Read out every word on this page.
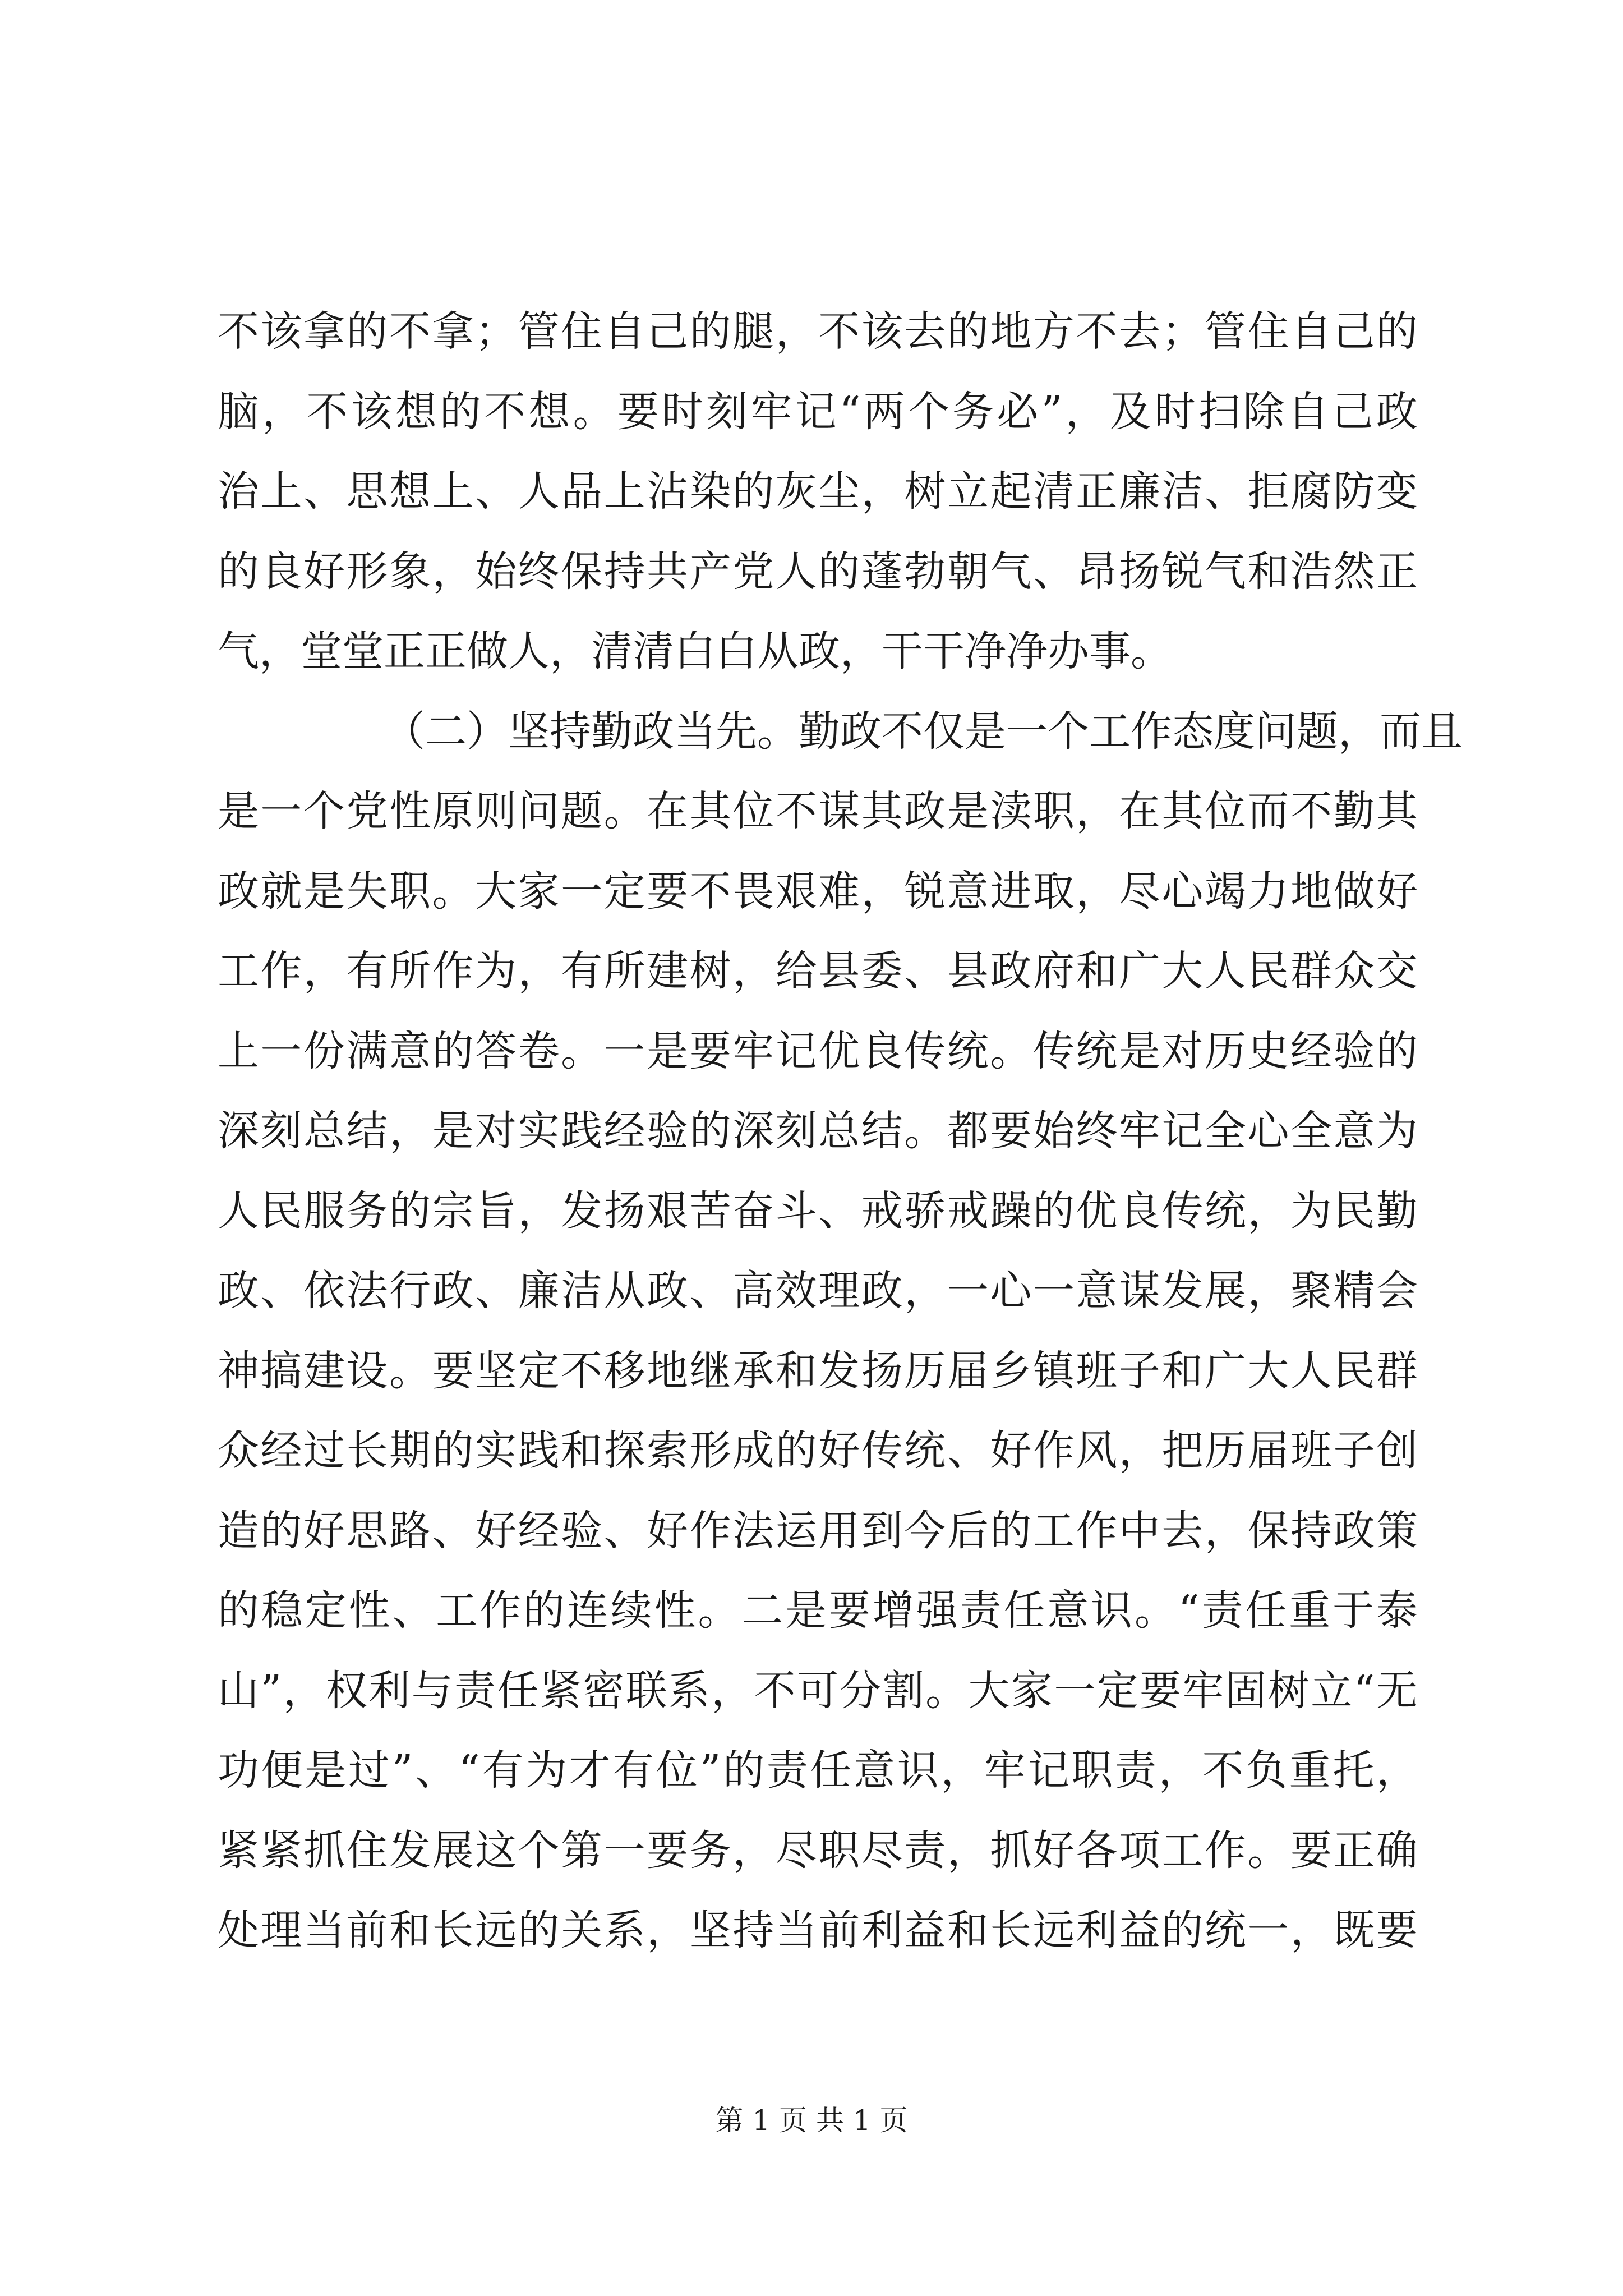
不该拿的不拿；管住自己的腿，不该去的地方不去；管住自己的
脑，不该想的不想。要时刻牢记“两个务必”，及时扫除自己政
治上、思想上、人品上沾染的灰尘，树立起清正廉洁、拒腐防变
的良好形象，始终保持共产党人的蓬勃朝气、昂扬锐气和浩然正
气，堂堂正正做人，清清白白从政，干干净净办事。
（二）坚持勤政当先。勤政不仅是一个工作态度问题，而且
是一个党性原则问题。在其位不谋其政是渎职，在其位而不勤其
政就是失职。大家一定要不畏艰难，锐意进取，尽心竭力地做好
工作，有所作为，有所建树，给县委、县政府和广大人民群众交
上一份满意的答卷。一是要牢记优良传统。传统是对历史经验的
深刻总结，是对实践经验的深刻总结。都要始终牢记全心全意为
人民服务的宗旨，发扬艰苦奋斗、戒骄戒躁的优良传统，为民勤
政、依法行政、廉洁从政、高效理政，一心一意谋发展，聚精会
神搞建设。要坚定不移地继承和发扬历届乡镇班子和广大人民群
众经过长期的实践和探索形成的好传统、好作风，把历届班子创
造的好思路、好经验、好作法运用到今后的工作中去，保持政策
的稳定性、工作的连续性。二是要增强责任意识。“责任重于泰
山”，权利与责任紧密联系，不可分割。大家一定要牢固树立“无
功便是过”、“有为才有位”的责任意识，牢记职责，不负重托，
紧紧抓住发展这个第一要务，尽职尽责，抓好各项工作。要正确
处理当前和长远的关系，坚持当前利益和长远利益的统一，既要
第 1 页 共 1 页
